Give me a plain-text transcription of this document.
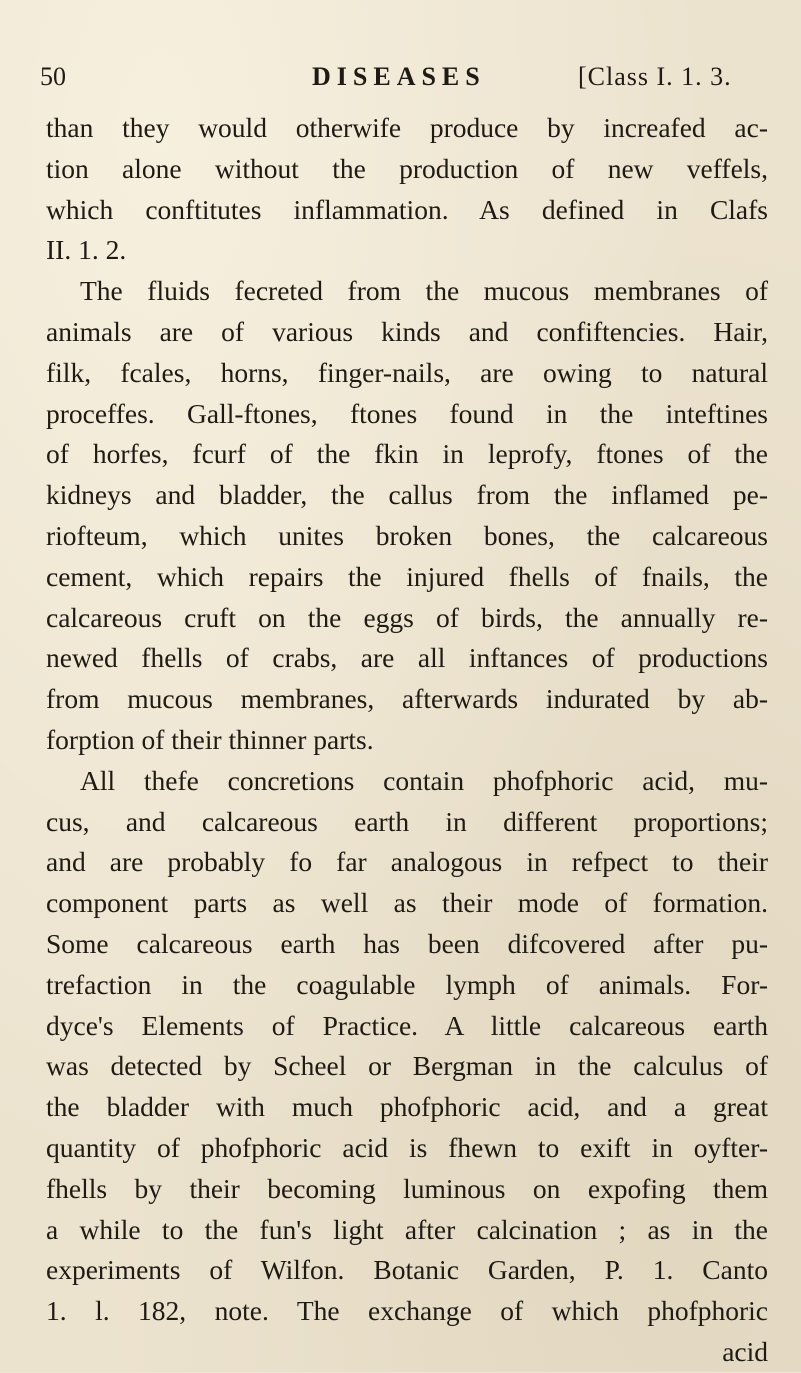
50	DISEASES	[Class I. 1. 3.
than they would otherwife produce by increafed ac-
tion alone without the production of new veffels,
which conftitutes inflammation. As defined in Clafs
II. 1. 2.
The fluids fecreted from the mucous membranes of
animals are of various kinds and confiftencies. Hair,
filk, fcales, horns, finger-nails, are owing to natural
proceffes. Gall-ftones, ftones found in the inteftines
of horfes, fcurf of the fkin in leprofy, ftones of the
kidneys and bladder, the callus from the inflamed pe-
riofteum, which unites broken bones, the calcareous
cement, which repairs the injured fhells of fnails, the
calcareous cruft on the eggs of birds, the annually re-
newed fhells of crabs, are all inftances of productions
from mucous membranes, afterwards indurated by ab-
forption of their thinner parts.
All thefe concretions contain phofphoric acid, mu-
cus, and calcareous earth in different proportions;
and are probably fo far analogous in refpect to their
component parts as well as their mode of formation.
Some calcareous earth has been difcovered after pu-
trefaction in the coagulable lymph of animals. For-
dyce's Elements of Practice. A little calcareous earth
was detected by Scheel or Bergman in the calculus of
the bladder with much phofphoric acid, and a great
quantity of phofphoric acid is fhewn to exift in oyfter-
fhells by their becoming luminous on expofing them
a while to the fun's light after calcination ; as in the
experiments of Wilfon. Botanic Garden, P. 1. Canto
1. l. 182, note. The exchange of which phofphoric
acid
